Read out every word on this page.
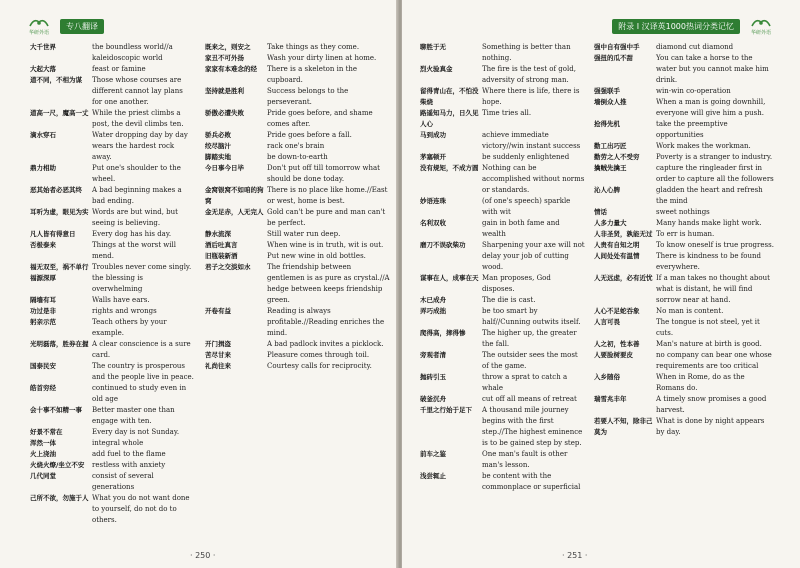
华研外语
专八翻译
大千世界	the boundless world//a kaleidoscopic world
大起大落	feast or famine
道不同，不相为谋	Those whose courses are different cannot lay plans for one another.
道高一尺，魔高一丈 While the priest climbs a post, the devil climbs ten.
滴水穿石	Water dropping day by day wears the hardest rock away.
鼎力相助	Put one's shoulder to the wheel.
恶其始者必恶其终	A bad beginning makes a bad ending.
耳听为虚，眼见为实 Words are but wind, but seeing is believing.
凡人皆有得意日	Every dog has his day.
否极泰来	Things at the worst will mend.
福无双至，祸不单行 Troubles never come singly.
福源深厚	the blessing is overwhelming
隔墙有耳	Walls have ears.
功过是非	rights and wrongs
躬亲示范	Teach others by your example.
光明磊落，胜券在握 A clear conscience is a sure card.
国泰民安	The country is prosperous and the people live in peace.
皓首穷经	continued to study even in old age
会十事不如精一事	Better master one than engage with ten.
好景不常在	Every day is not Sunday.
浑然一体	integral whole
火上浇油	add fuel to the flame
火烧火燎/坐立不安	restless with anxiety
几代同堂	consist of several generations
己所不欲，勿施于人 What you do not want done to yourself, do not do to others.
既来之，则安之	Take things as they come.
家丑不可外扬	Wash your dirty linen at home.
家家有本难念的经	There is a skeleton in the cupboard.
坚持就是胜利	Success belongs to the perseverant.
骄傲必遭失败	Pride goes before, and shame comes after.
骄兵必败	Pride goes before a fall.
绞尽脑汁	rack one's brain
脚踏实地	be down-to-earth
今日事今日毕	Don't put off till tomorrow what should be done today.
金窝银窝不如咱的狗窝
There is no place like home.//East or west, home is best.
金无足赤，人无完人 Gold can't be pure and man can't be perfect.
静水流深	Still water run deep.
酒后吐真言	When wine is in truth, wit is out.
旧瓶装新酒	Put new wine in old bottles.
君子之交淡如水	The friendship between gentlemen is as pure as crystal.//A hedge between keeps friendship green.
开卷有益	Reading is always profitable.//Reading enriches the mind.
开门揖盗	A bad padlock invites a picklock.
苦尽甘来	Pleasure comes through toil.
礼尚往来	Courtesy calls for reciprocity.
· 250 ·
华研外语
附录 I 汉译英1000热词分类记忆
聊胜于无	Something is better than nothing.
烈火验真金	The fire is the test of gold, adversity of strong man.
留得青山在，不怕没柴烧
Where there is life, there is hope.
路遥知马力，日久见人心
Time tries all.
马到成功	achieve immediate victory//win instant success
茅塞顿开	be suddenly enlightened
没有规矩，不成方圆 Nothing can be accomplished without norms or standards.
妙语连珠	(of one's speech) sparkle with wit
名利双收	gain in both fame and wealth
磨刀不误砍柴功	Sharpening your axe will not delay your job of cutting wood.
谋事在人，成事在天 Man proposes, God disposes.
木已成舟	The die is cast.
弄巧成拙	be too smart by half//Cunning outwits itself.
爬得高，摔得惨	The higher up, the greater the fall.
旁观者清	The outsider sees the most of the game.
抛砖引玉	throw a sprat to catch a whale
破釜沉舟	cut off all means of retreat
千里之行始于足下	A thousand mile journey begins with the first step.//The highest eminence is to be gained step by step.
前车之鉴	One man's fault is other man's lesson.
浅尝辄止	be content with the commonplace or superficial
强中自有强中手	diamond cut diamond
强扭的瓜不甜	You can take a horse to the water but you cannot make him drink.
强强联手	win-win co-operation
墙倒众人推	When a man is going downhill, everyone will give him a push.
抢得先机	take the preemptive opportunities
勤工出巧匠	Work makes the workman.
勤劳之人不受穷	Poverty is a stranger to industry.
擒贼先擒王	capture the ringleader first in order to capture all the followers
沁人心脾	gladden the heart and refresh the mind
情话	sweet nothings
人多力量大	Many hands make light work.
人非圣贤，孰能无过 To err is human.
人贵有自知之明	To know oneself is true progress.
人间处处有温情	There is kindness to be found everywhere.
人无远虑，必有近忧 If a man takes no thought about what is distant, he will find sorrow near at hand.
人心不足蛇吞象	No man is content.
人言可畏	The tongue is not steel, yet it cuts.
人之初，性本善	Man's nature at birth is good.
人要脸树要皮	no company can bear one whose requirements are too critical
入乡随俗	When in Rome, do as the Romans do.
瑞雪兆丰年	A timely snow promises a good harvest.
若要人不知，除非己莫为
What is done by night appears by day.
· 251 ·
